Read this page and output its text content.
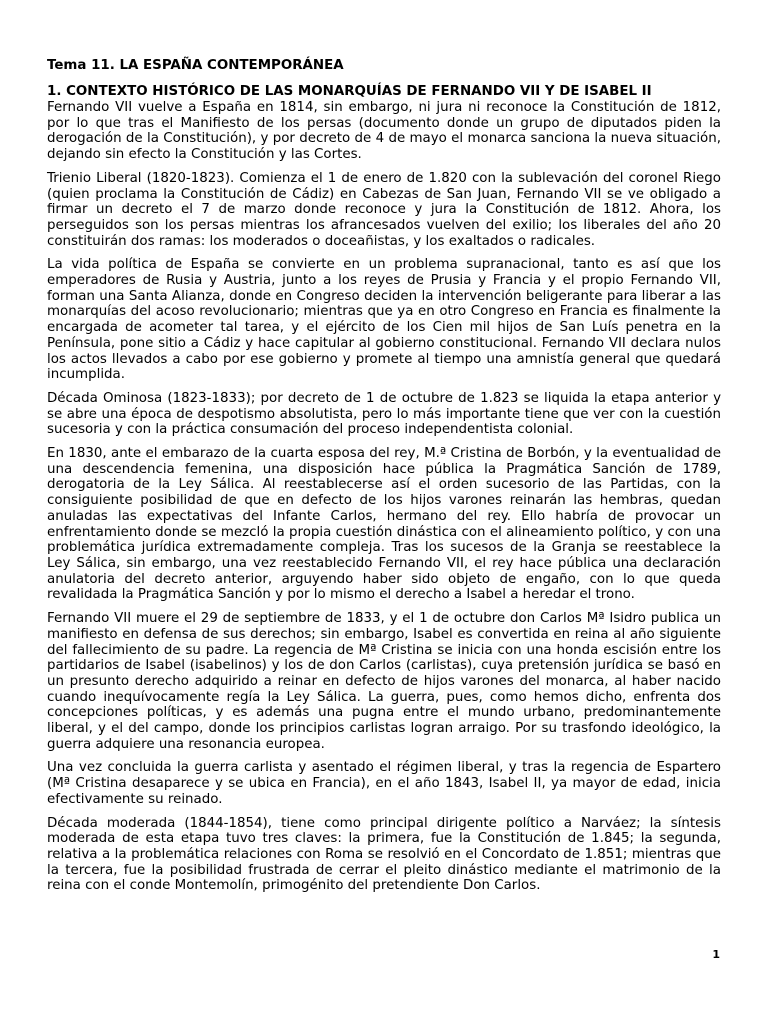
Tema 11. LA ESPAÑA CONTEMPORÁNEA
1. CONTEXTO HISTÓRICO DE LAS MONARQUÍAS DE FERNANDO VII Y DE ISABEL II

Fernando VII vuelve a España en 1814, sin embargo, ni jura ni reconoce la Constitución de 1812, por lo que tras el Manifiesto de los persas (documento donde un grupo de diputados piden la derogación de la Constitución), y por decreto de 4 de mayo el monarca sanciona la nueva situación, dejando sin efecto la Constitución y las Cortes.

Trienio Liberal (1820-1823). Comienza el 1 de enero de 1.820 con la sublevación del coronel Riego (quien proclama la Constitución de Cádiz) en Cabezas de San Juan, Fernando VII se ve obligado a firmar un decreto el 7 de marzo donde reconoce y jura la Constitución de 1812. Ahora, los perseguidos son los persas mientras los afrancesados vuelven del exilio; los liberales del año 20 constituirán dos ramas: los moderados o doceañistas, y los exaltados o radicales.

La vida política de España se convierte en un problema supranacional, tanto es así que los emperadores de Rusia y Austria, junto a los reyes de Prusia y Francia y el propio Fernando VII, forman una Santa Alianza, donde en Congreso deciden la intervención beligerante para liberar a las monarquías del acoso revolucionario; mientras que ya en otro Congreso en Francia es finalmente la encargada de acometer tal tarea, y el ejército de los Cien mil hijos de San Luís penetra en la Península, pone sitio a Cádiz y hace capitular al gobierno constitucional. Fernando VII declara nulos los actos llevados a cabo por ese gobierno y promete al tiempo una amnistía general que quedará incumplida.

Década Ominosa (1823-1833); por decreto de 1 de octubre de 1.823 se liquida la etapa anterior y se abre una época de despotismo absolutista, pero lo más importante tiene que ver con la cuestión sucesoria y con la práctica consumación del proceso independentista colonial.

En 1830, ante el embarazo de la cuarta esposa del rey, M.ª Cristina de Borbón, y la eventualidad de una descendencia femenina, una disposición hace pública la Pragmática Sanción de 1789, derogatoria de la Ley Sálica. Al reestablecerse así el orden sucesorio de las Partidas, con la consiguiente posibilidad de que en defecto de los hijos varones reinarán las hembras, quedan anuladas las expectativas del Infante Carlos, hermano del rey. Ello habría de provocar un enfrentamiento donde se mezcló la propia cuestión dinástica con el alineamiento político, y con una problemática jurídica extremadamente compleja. Tras los sucesos de la Granja se reestablece la Ley Sálica, sin embargo, una vez reestablecido Fernando VII, el rey hace pública una declaración anulatoria del decreto anterior, arguyendo haber sido objeto de engaño, con lo que queda revalidada la Pragmática Sanción y por lo mismo el derecho a Isabel a heredar el trono.

Fernando VII muere el 29 de septiembre de 1833, y el 1 de octubre don Carlos Mª Isidro publica un manifiesto en defensa de sus derechos; sin embargo, Isabel es convertida en reina al año siguiente del fallecimiento de su padre. La regencia de Mª Cristina se inicia con una honda escisión entre los partidarios de Isabel (isabelinos) y los de don Carlos (carlistas), cuya pretensión jurídica se basó en un presunto derecho adquirido a reinar en defecto de hijos varones del monarca, al haber nacido cuando inequívocamente regía la Ley Sálica. La guerra, pues, como hemos dicho, enfrenta dos concepciones políticas, y es además una pugna entre el mundo urbano, predominantemente liberal, y el del campo, donde los principios carlistas logran arraigo. Por su trasfondo ideológico, la guerra adquiere una resonancia europea.

Una vez concluida la guerra carlista y asentado el régimen liberal, y tras la regencia de Espartero (Mª Cristina desaparece y se ubica en Francia), en el año 1843, Isabel II, ya mayor de edad, inicia efectivamente su reinado.

Década moderada (1844-1854), tiene como principal dirigente político a Narváez; la síntesis moderada de esta etapa tuvo tres claves: la primera, fue la Constitución de 1.845; la segunda, relativa a la problemática relaciones con Roma se resolvió en el Concordato de 1.851; mientras que la tercera, fue la posibilidad frustrada de cerrar el pleito dinástico mediante el matrimonio de la reina con el conde Montemolín, primogénito del pretendiente Don Carlos.

1
